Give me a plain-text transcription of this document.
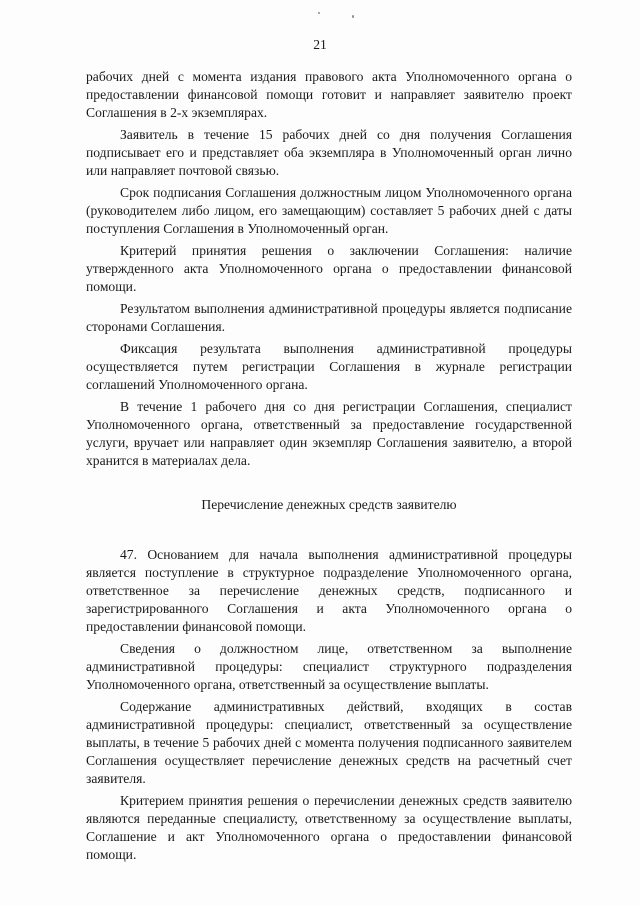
21

рабочих дней с момента издания правового акта Уполномоченного органа о предоставлении финансовой помощи готовит и направляет заявителю проект Соглашения в 2-х экземплярах.

Заявитель в течение 15 рабочих дней со дня получения Соглашения подписывает его и представляет оба экземпляра в Уполномоченный орган лично или направляет почтовой связью.

Срок подписания Соглашения должностным лицом Уполномоченного органа (руководителем либо лицом, его замещающим) составляет 5 рабочих дней с даты поступления Соглашения в Уполномоченный орган.

Критерий принятия решения о заключении Соглашения: наличие утвержденного акта Уполномоченного органа о предоставлении финансовой помощи.

Результатом выполнения административной процедуры является подписание сторонами Соглашения.

Фиксация результата выполнения административной процедуры осуществляется путем регистрации Соглашения в журнале регистрации соглашений Уполномоченного органа.

В течение 1 рабочего дня со дня регистрации Соглашения, специалист Уполномоченного органа, ответственный за предоставление государственной услуги, вручает или направляет один экземпляр Соглашения заявителю, а второй хранится в материалах дела.

Перечисление денежных средств заявителю

47. Основанием для начала выполнения административной процедуры является поступление в структурное подразделение Уполномоченного органа, ответственное за перечисление денежных средств, подписанного и зарегистрированного Соглашения и акта Уполномоченного органа о предоставлении финансовой помощи.

Сведения о должностном лице, ответственном за выполнение административной процедуры: специалист структурного подразделения Уполномоченного органа, ответственный за осуществление выплаты.

Содержание административных действий, входящих в состав административной процедуры: специалист, ответственный за осуществление выплаты, в течение 5 рабочих дней с момента получения подписанного заявителем Соглашения осуществляет перечисление денежных средств на расчетный счет заявителя.

Критерием принятия решения о перечислении денежных средств заявителю являются переданные специалисту, ответственному за осуществление выплаты, Соглашение и акт Уполномоченного органа о предоставлении финансовой помощи.
